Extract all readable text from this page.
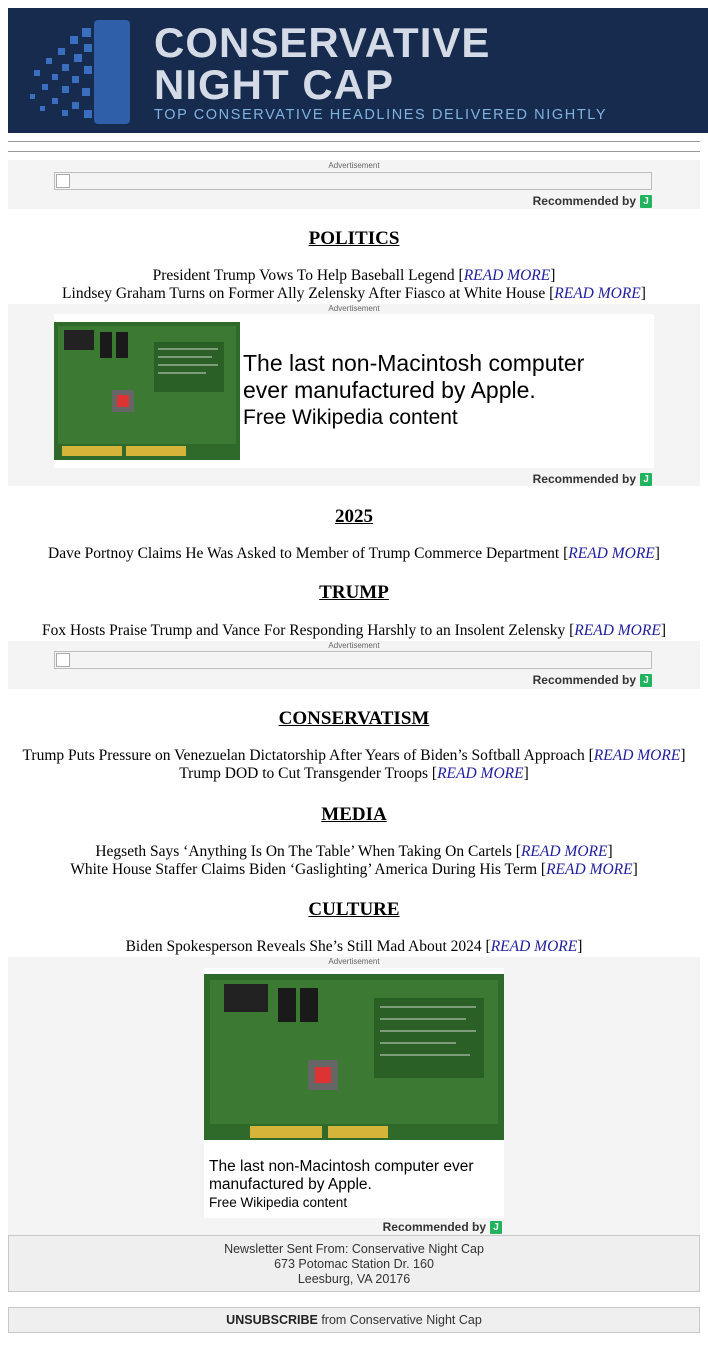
CONSERVATIVE
NIGHT CAP
TOP CONSERVATIVE HEADLINES DELIVERED NIGHTLY
Advertisement
Recommended by J
POLITICS
President Trump Vows To Help Baseball Legend [READ MORE]
Lindsey Graham Turns on Former Ally Zelensky After Fiasco at White House [READ MORE]
Advertisement
The last non-Macintosh computer
ever manufactured by Apple.
Free Wikipedia content
Recommended by J
2025
Dave Portnoy Claims He Was Asked to Member of Trump Commerce Department [READ MORE]
TRUMP
Fox Hosts Praise Trump and Vance For Responding Harshly to an Insolent Zelensky [READ MORE]
Advertisement
Recommended by J
CONSERVATISM
Trump Puts Pressure on Venezuelan Dictatorship After Years of Biden’s Softball Approach [READ MORE]
Trump DOD to Cut Transgender Troops [READ MORE]
MEDIA
Hegseth Says ‘Anything Is On The Table’ When Taking On Cartels [READ MORE]
White House Staffer Claims Biden ‘Gaslighting’ America During His Term [READ MORE]
CULTURE
Biden Spokesperson Reveals She’s Still Mad About 2024 [READ MORE]
Advertisement
The last non-Macintosh computer ever
manufactured by Apple.
Free Wikipedia content
Recommended by J
Newsletter Sent From: Conservative Night Cap
673 Potomac Station Dr. 160
Leesburg, VA 20176
UNSUBSCRIBE from Conservative Night Cap
